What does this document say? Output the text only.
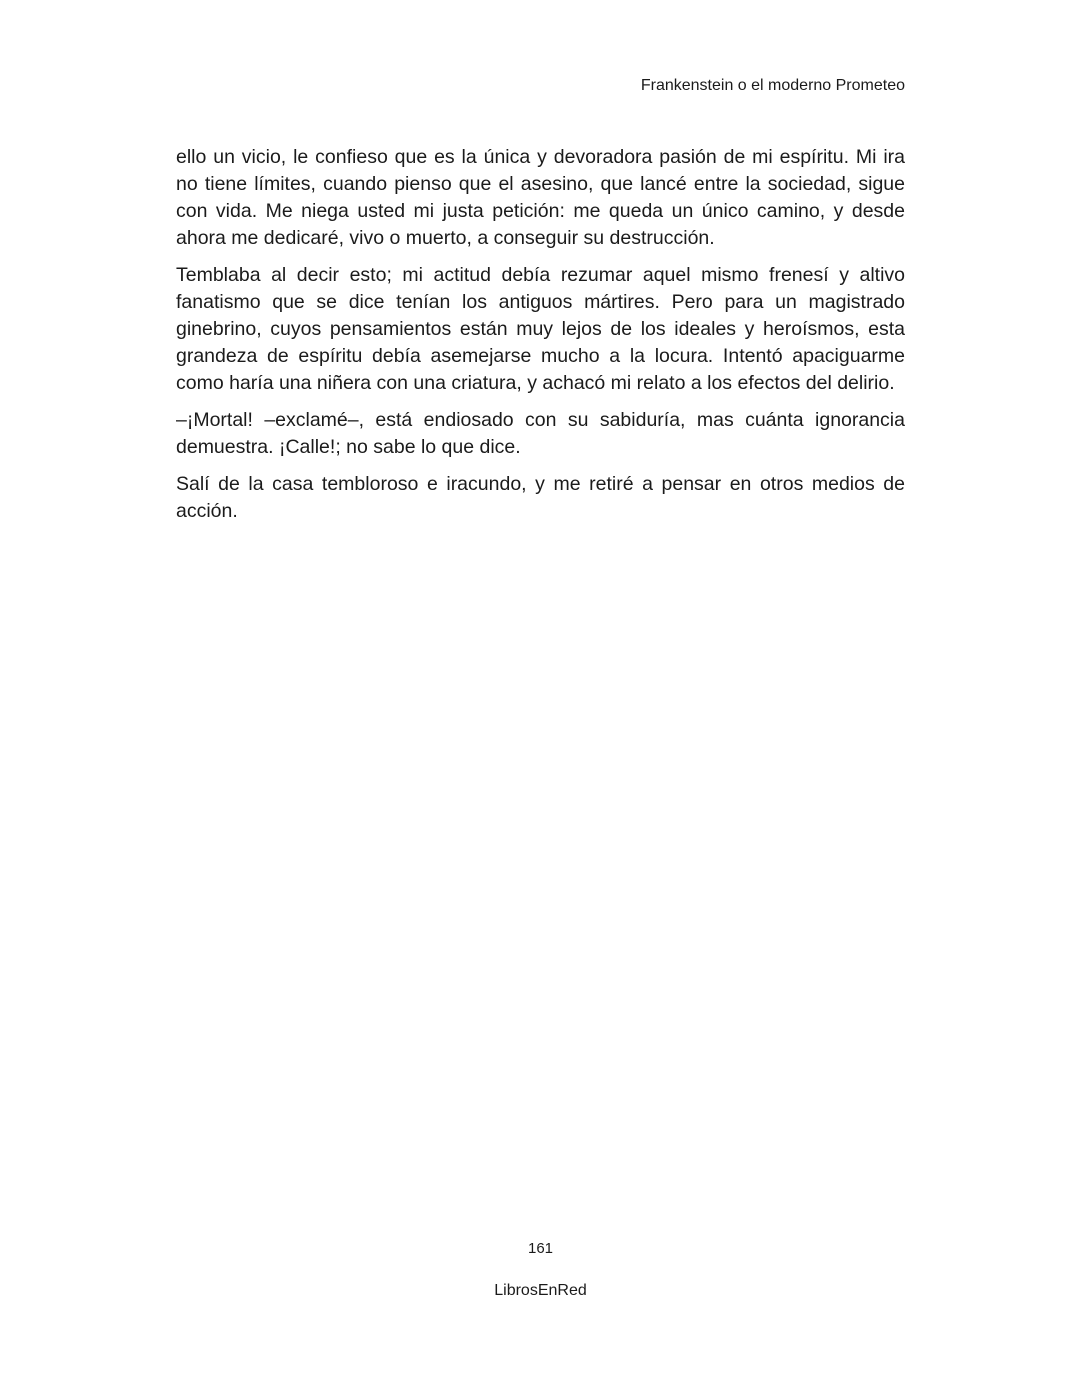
Frankenstein o el moderno Prometeo

ello un vicio, le confieso que es la única y devoradora pasión de mi espíritu. Mi ira no tiene límites, cuando pienso que el asesino, que lancé entre la sociedad, sigue con vida. Me niega usted mi justa petición: me queda un único camino, y desde ahora me dedicaré, vivo o muerto, a conseguir su destrucción.

Temblaba al decir esto; mi actitud debía rezumar aquel mismo frenesí y altivo fanatismo que se dice tenían los antiguos mártires. Pero para un magistrado ginebrino, cuyos pensamientos están muy lejos de los ideales y heroísmos, esta grandeza de espíritu debía asemejarse mucho a la locura. Intentó apaciguarme como haría una niñera con una criatura, y achacó mi relato a los efectos del delirio.

–¡Mortal! –exclamé–, está endiosado con su sabiduría, mas cuánta ignorancia demuestra. ¡Calle!; no sabe lo que dice.

Salí de la casa tembloroso e iracundo, y me retiré a pensar en otros medios de acción.

161
LibrosEnRed
